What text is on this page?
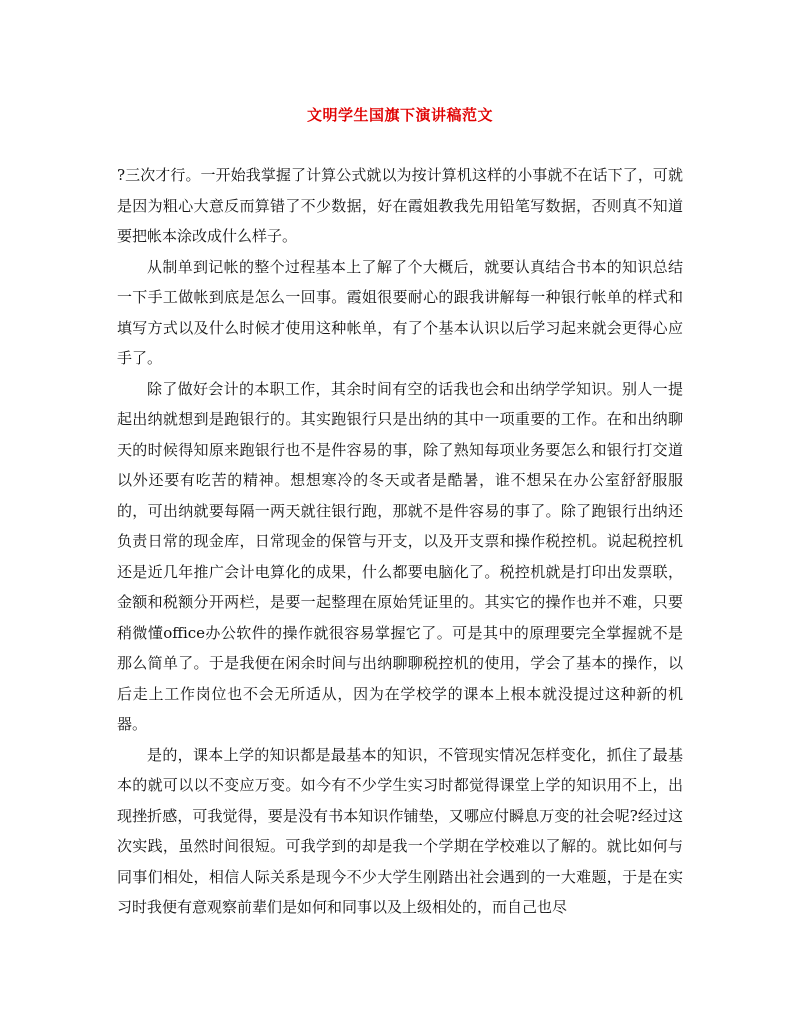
文明学生国旗下演讲稿范文

?三次才行。一开始我掌握了计算公式就以为按计算机这样的小事就不在话下了，可就是因为粗心大意反而算错了不少数据，好在霞姐教我先用铅笔写数据，否则真不知道要把帐本涂改成什么样子。

从制单到记帐的整个过程基本上了解了个大概后，就要认真结合书本的知识总结一下手工做帐到底是怎么一回事。霞姐很要耐心的跟我讲解每一种银行帐单的样式和填写方式以及什么时候才使用这种帐单，有了个基本认识以后学习起来就会更得心应手了。

除了做好会计的本职工作，其余时间有空的话我也会和出纳学学知识。别人一提起出纳就想到是跑银行的。其实跑银行只是出纳的其中一项重要的工作。在和出纳聊天的时候得知原来跑银行也不是件容易的事，除了熟知每项业务要怎么和银行打交道以外还要有吃苦的精神。想想寒冷的冬天或者是酷暑，谁不想呆在办公室舒舒服服的，可出纳就要每隔一两天就往银行跑，那就不是件容易的事了。除了跑银行出纳还负责日常的现金库，日常现金的保管与开支，以及开支票和操作税控机。说起税控机还是近几年推广会计电算化的成果，什么都要电脑化了。税控机就是打印出发票联，金额和税额分开两栏，是要一起整理在原始凭证里的。其实它的操作也并不难，只要稍微懂office办公软件的操作就很容易掌握它了。可是其中的原理要完全掌握就不是那么简单了。于是我便在闲余时间与出纳聊聊税控机的使用，学会了基本的操作，以后走上工作岗位也不会无所适从，因为在学校学的课本上根本就没提过这种新的机器。

是的，课本上学的知识都是最基本的知识，不管现实情况怎样变化，抓住了最基本的就可以以不变应万变。如今有不少学生实习时都觉得课堂上学的知识用不上，出现挫折感，可我觉得，要是没有书本知识作铺垫，又哪应付瞬息万变的社会呢?经过这次实践，虽然时间很短。可我学到的却是我一个学期在学校难以了解的。就比如何与同事们相处，相信人际关系是现今不少大学生刚踏出社会遇到的一大难题，于是在实习时我便有意观察前辈们是如何和同事以及上级相处的，而自己也尽
